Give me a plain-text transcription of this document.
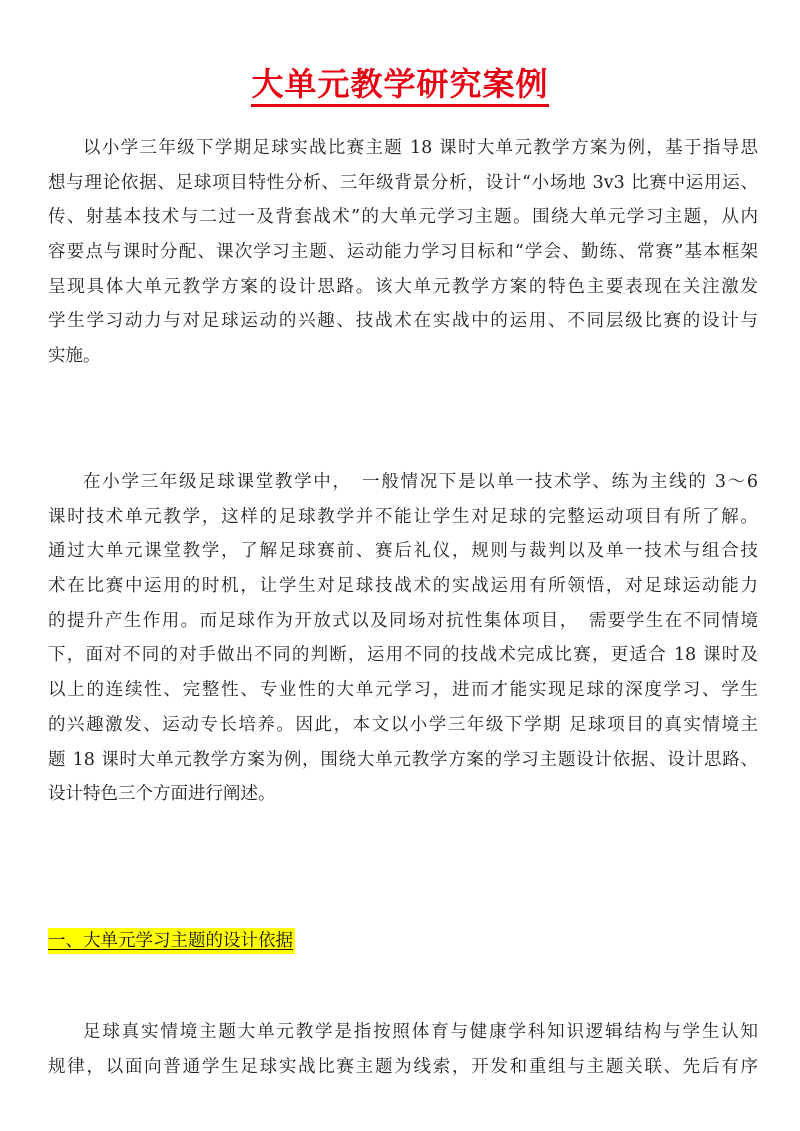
大单元教学研究案例
以小学三年级下学期足球实战比赛主题 18 课时大单元教学方案为例，基于指导思
想与理论依据、足球项目特性分析、三年级背景分析，设计“小场地 3v3 比赛中运用运、
传、射基本技术与二过一及背套战术”的大单元学习主题。围绕大单元学习主题，从内
容要点与课时分配、课次学习主题、运动能力学习目标和“学会、勤练、常赛”基本框架
呈现具体大单元教学方案的设计思路。该大单元教学方案的特色主要表现在关注激发
学生学习动力与对足球运动的兴趣、技战术在实战中的运用、不同层级比赛的设计与
实施。
在小学三年级足球课堂教学中，　一般情况下是以单一技术学、练为主线的 3～6
课时技术单元教学，这样的足球教学并不能让学生对足球的完整运动项目有所了解。
通过大单元课堂教学，了解足球赛前、赛后礼仪，规则与裁判以及单一技术与组合技
术在比赛中运用的时机，让学生对足球技战术的实战运用有所领悟，对足球运动能力
的提升产生作用。而足球作为开放式以及同场对抗性集体项目，　需要学生在不同情境
下，面对不同的对手做出不同的判断，运用不同的技战术完成比赛，更适合 18 课时及
以上的连续性、完整性、专业性的大单元学习，进而才能实现足球的深度学习、学生
的兴趣激发、运动专长培养。因此，本文以小学三年级下学期 足球项目的真实情境主
题 18 课时大单元教学方案为例，围绕大单元教学方案的学习主题设计依据、设计思路、
设计特色三个方面进行阐述。
一、大单元学习主题的设计依据
足球真实情境主题大单元教学是指按照体育与健康学科知识逻辑结构与学生认知
规律，以面向普通学生足球实战比赛主题为线索，开发和重组与主题关联、先后有序
